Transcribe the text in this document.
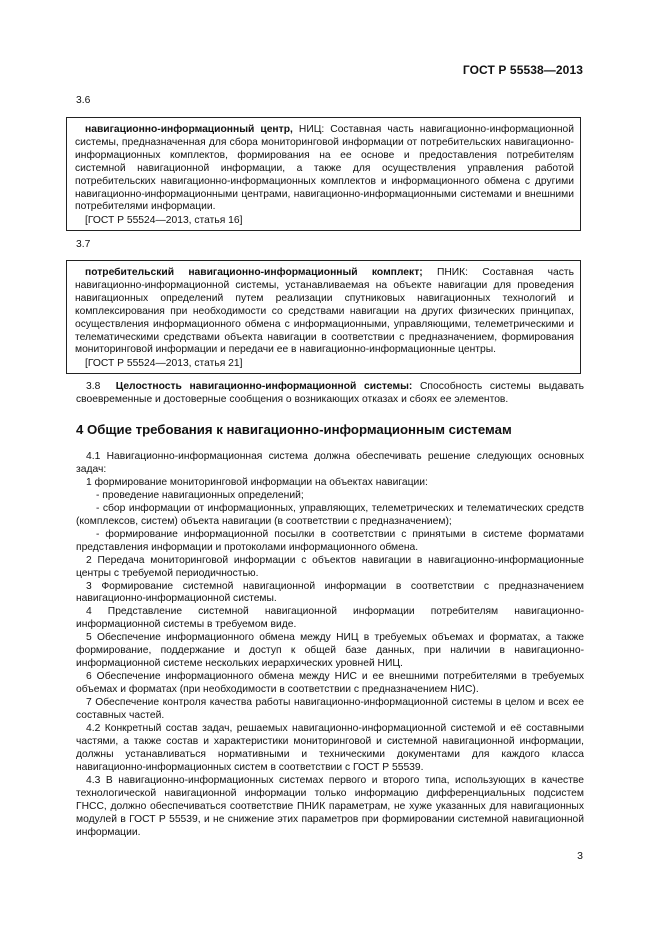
ГОСТ Р 55538—2013
3.6

навигационно-информационный центр, НИЦ: Составная часть навигационно-информационной системы, предназначенная для сбора мониторинговой информации от потребительских навигационно-информационных комплектов, формирования на ее основе и предоставления потребителям системной навигационной информации, а также для осуществления управления работой потребительских навигационно-информационных комплектов и информационного обмена с другими навигационно-информационными центрами, навигационно-информационными системами и внешними потребителями информации.

[ГОСТ Р 55524—2013, статья 16]

3.7

потребительский навигационно-информационный комплект; ПНИК: Составная часть навигационно-информационной системы, устанавливаемая на объекте навигации для проведения навигационных определений путем реализации спутниковых навигационных технологий и комплексирования при необходимости со средствами навигации на других физических принципах, осуществления информационного обмена с информационными, управляющими, телеметрическими и телематическими средствами объекта навигации в соответствии с предназначением, формирования мониторинговой информации и передачи ее в навигационно-информационные центры.

[ГОСТ Р 55524—2013, статья 21]

3.8 Целостность навигационно-информационной системы: Способность системы выдавать своевременные и достоверные сообщения о возникающих отказах и сбоях ее элементов.

4 Общие требования к навигационно-информационным системам

4.1 Навигационно-информационная система должна обеспечивать решение следующих основных задач:

1 формирование мониторинговой информации на объектах навигации:

- проведение навигационных определений;

- сбор информации от информационных, управляющих, телеметрических и телематических средств (комплексов, систем) объекта навигации (в соответствии с предназначением);

- формирование информационной посылки в соответствии с принятыми в системе форматами представления информации и протоколами информационного обмена.

2 Передача мониторинговой информации с объектов навигации в навигационно-информационные центры с требуемой периодичностью.

3 Формирование системной навигационной информации в соответствии с предназначением навигационно-информационной системы.

4 Представление системной навигационной информации потребителям навигационно-информационной системы в требуемом виде.

5 Обеспечение информационного обмена между НИЦ в требуемых объемах и форматах, а также формирование, поддержание и доступ к общей базе данных, при наличии в навигационно-информационной системе нескольких иерархических уровней НИЦ.

6 Обеспечение информационного обмена между НИС и ее внешними потребителями в требуемых объемах и форматах (при необходимости в соответствии с предназначением НИС).

7 Обеспечение контроля качества работы навигационно-информационной системы в целом и всех ее составных частей.

4.2 Конкретный состав задач, решаемых навигационно-информационной системой и её составными частями, а также состав и характеристики мониторинговой и системной навигационной информации, должны устанавливаться нормативными и техническими документами для каждого класса навигационно-информационных систем в соответствии с ГОСТ Р 55539.

4.3 В навигационно-информационных системах первого и второго типа, использующих в качестве технологической навигационной информации только информацию дифференциальных подсистем ГНСС, должно обеспечиваться соответствие ПНИК параметрам, не хуже указанных для навигационных модулей в ГОСТ Р 55539, и не снижение этих параметров при формировании системной навигационной информации.

3
